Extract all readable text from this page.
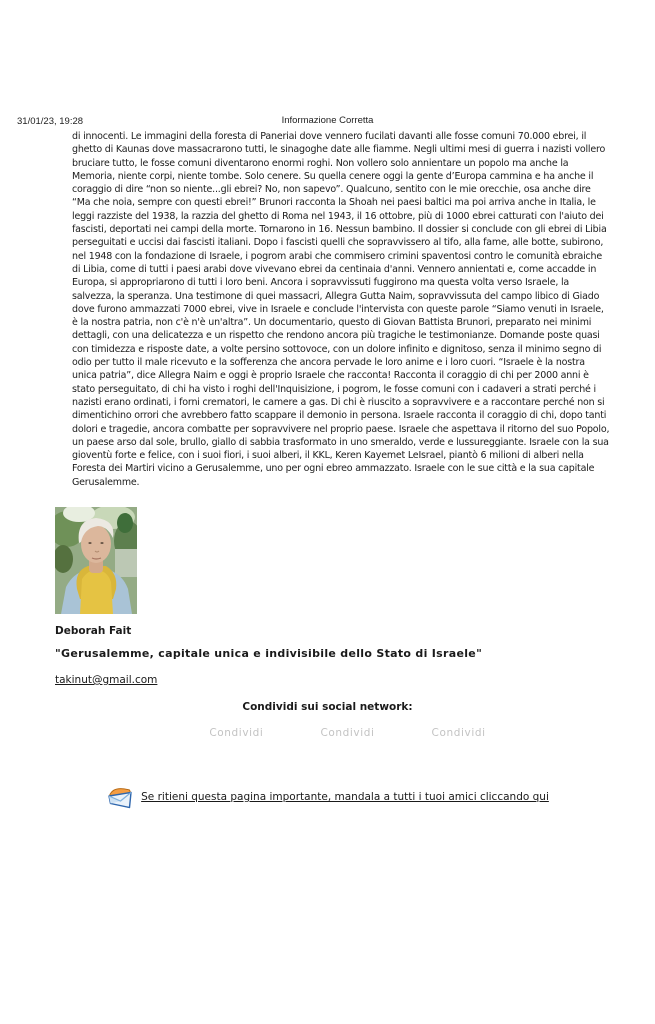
31/01/23, 19:28	Informazione Corretta
di innocenti. Le immagini della foresta di Paneriai dove vennero fucilati davanti alle fosse comuni 70.000 ebrei, il ghetto di Kaunas dove massacrarono tutti, le sinagoghe date alle fiamme. Negli ultimi mesi di guerra i nazisti vollero bruciare tutto, le fosse comuni diventarono enormi roghi. Non vollero solo annientare un popolo ma anche la Memoria, niente corpi, niente tombe. Solo cenere. Su quella cenere oggi la gente d’Europa cammina e ha anche il coraggio di dire “non so niente...gli ebrei? No, non sapevo”. Qualcuno, sentito con le mie orecchie, osa anche dire “Ma che noia, sempre con questi ebrei!” Brunori racconta la Shoah nei paesi baltici ma poi arriva anche in Italia, le leggi razziste del 1938, la razzia del ghetto di Roma nel 1943, il 16 ottobre, più di 1000 ebrei catturati con l'aiuto dei fascisti, deportati nei campi della morte. Tornarono in 16. Nessun bambino. Il dossier si conclude con gli ebrei di Libia perseguitati e uccisi dai fascisti italiani. Dopo i fascisti quelli che sopravvissero al tifo, alla fame, alle botte, subirono, nel 1948 con la fondazione di Israele, i pogrom arabi che commisero crimini spaventosi contro le comunità ebraiche di Libia, come di tutti i paesi arabi dove vivevano ebrei da centinaia d'anni. Vennero annientati e, come accadde in Europa, si appropriarono di tutti i loro beni. Ancora i sopravvissuti fuggirono ma questa volta verso Israele, la salvezza, la speranza. Una testimone di quei massacri, Allegra Gutta Naim, sopravvissuta del campo libico di Giado dove furono ammazzati 7000 ebrei, vive in Israele e conclude l'intervista con queste parole “Siamo venuti in Israele, è la nostra patria, non c'è n'è un'altra”. Un documentario, questo di Giovan Battista Brunori, preparato nei minimi dettagli, con una delicatezza e un rispetto che rendono ancora più tragiche le testimonianze. Domande poste quasi con timidezza e risposte date, a volte persino sottovoce, con un dolore infinito e dignitoso, senza il minimo segno di odio per tutto il male ricevuto e la sofferenza che ancora pervade le loro anime e i loro cuori. “Israele è la nostra unica patria”, dice Allegra Naim e oggi è proprio Israele che racconta! Racconta il coraggio di chi per 2000 anni è stato perseguitato, di chi ha visto i roghi dell'Inquisizione, i pogrom, le fosse comuni con i cadaveri a strati perché i nazisti erano ordinati, i forni crematori, le camere a gas. Di chi è riuscito a sopravvivere e a raccontare perché non si dimentichino orrori che avrebbero fatto scappare il demonio in persona. Israele racconta il coraggio di chi, dopo tanti dolori e tragedie, ancora combatte per sopravvivere nel proprio paese. Israele che aspettava il ritorno del suo Popolo, un paese arso dal sole, brullo, giallo di sabbia trasformato in uno smeraldo, verde e lussureggiante. Israele con la sua gioventù forte e felice, con i suoi fiori, i suoi alberi, il KKL, Keren Kayemet LeIsrael, piantò 6 milioni di alberi nella Foresta dei Martiri vicino a Gerusalemme, uno per ogni ebreo ammazzato. Israele con le sue città e la sua capitale Gerusalemme.
Deborah Fait
"Gerusalemme, capitale unica e indivisibile dello Stato di Israele"
takinut@gmail.com
Condividi sui social network:
Condividi	Condividi	Condividi
Se ritieni questa pagina importante, mandala a tutti i tuoi amici cliccando qui
